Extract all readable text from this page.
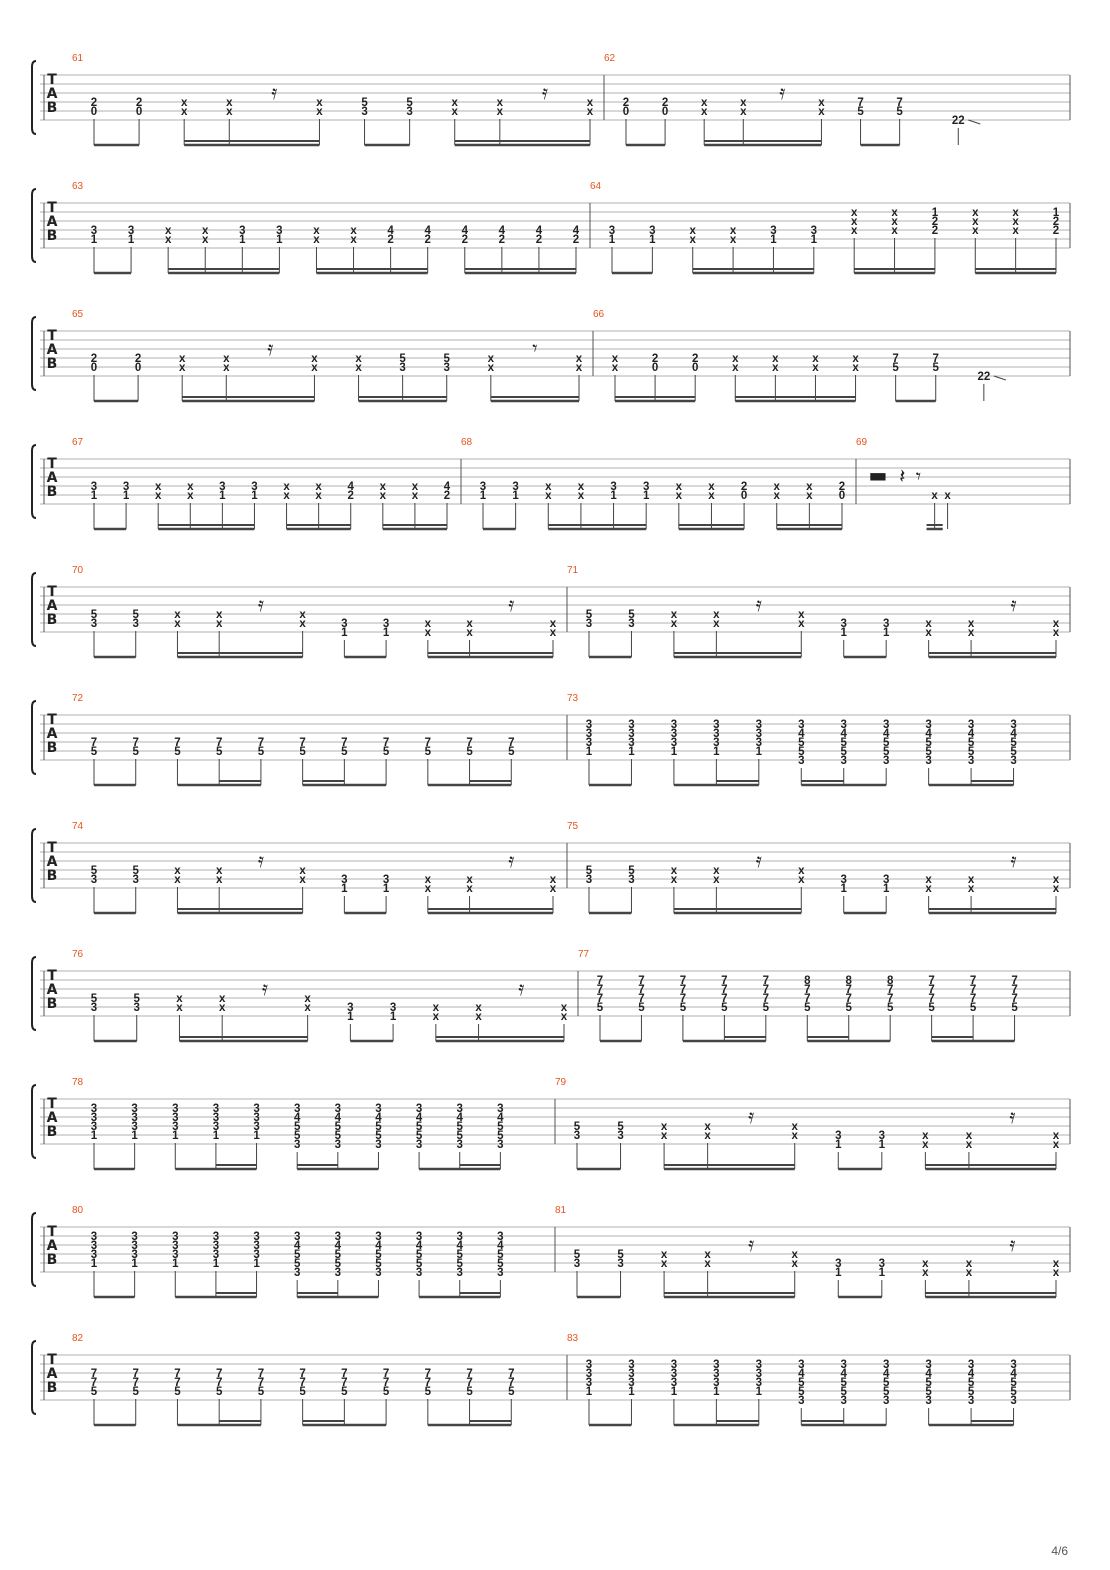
T
A
B
61
2
0
2
0
x
x
x
x
𝄿	x
x
5
3
5
3
x
x
x
x
𝄿	x
x
62
2
0
2
0
x
x
x
x
𝄿	x
x
7
5
7
5
22
T
A
B
63
3
1
3
1
x
x
x
x
3
1
3
1
x
x
x
x
4
2
4
2
4
2
4
2
4
2
4
2
64
3
1
3
1
x
x
x
x
3
1
3
1
x
x
x
x
x
x
1
2
2
x
x
x
x
x
x
1
2
2
T
A
B
65
2
0
2
0
x
x
x
x
𝄿	x
x
x
x
5
3
5
3
x
x
𝄾	x
x
66
x
x
2
0
2
0
x
x
x
x
x
x
x
x
7
5
7
5
22
T
A
B
67
3
1
3
1
x
x
x
x
3
1
3
1
x
x
x
x
4
2
x
x
x
x
4
2
68
3
1
3
1
x
x
x
x
3
1
3
1
x
x
x
x
2
0
x
x
x
x
2
0
69
▬ 𝄽 𝄾
x x
T
A
B
70
5
3
5
3
x
x
x
x
𝄿	x
x	3
1
3
1
x
x
x
x
𝄿
x
x
71
5
3
5
3
x
x
x
x
𝄿	x
x	3
1
3
1
x
x
x
x
𝄿
x
x
T
A
B
72
7
5
7
5
7
5
7
5
7
5
7
5
7
5
7
5
7
5
7
5
7
5
73
3
3
3
1
3
3
3
1
3
3
3
1
3
3
3
1
3
3
3
1
3
4
5
5
3
3
4
5
5
3
3
4
5
5
3
3
4
5
5
3
3
4
5
5
3
3
4
5
5
3
T
A
B
74
5
3
5
3
x
x
x
x
𝄿	x
x	3
1
3
1
x
x
x
x
𝄿
x
x
75
5
3
5
3
x
x
x
x
𝄿	x
x	3
1
3
1
x
x
x
x
𝄿
x
x
T
A
B
76
5
3
5
3
x
x
x
x
𝄿	x
x	3
1
3
1
x
x
x
x
𝄿
x
x
77
7
7
7
5
7
7
7
5
7
7
7
5
7
7
7
5
7
7
7
5
8
7
7
5
8
7
7
5
8
7
7
5
7
7
7
5
7
7
7
5
7
7
7
5
T
A
B
78
3
3
3
1
3
3
3
1
3
3
3
1
3
3
3
1
3
3
3
1
3
4
5
5
3
3
4
5
5
3
3
4
5
5
3
3
4
5
5
3
3
4
5
5
3
3
4
5
5
3
79
5
3
5
3
x
x
x
x
𝄿	x
x	3
1
3
1
x
x
x
x
𝄿
x
x
T
A
B
80
3
3
3
1
3
3
3
1
3
3
3
1
3
3
3
1
3
3
3
1
3
4
5
5
3
3
4
5
5
3
3
4
5
5
3
3
4
5
5
3
3
4
5
5
3
3
4
5
5
3
81
5
3
5
3
x
x
x
x
𝄿	x
x	3
1
3
1
x
x
x
x
𝄿
x
x
T
A
B
82
7
7
5
7
7
5
7
7
5
7
7
5
7
7
5
7
7
5
7
7
5
7
7
5
7
7
5
7
7
5
7
7
5
83
3
3
3
1
3
3
3
1
3
3
3
1
3
3
3
1
3
3
3
1
3
4
5
5
3
3
4
5
5
3
3
4
5
5
3
3
4
5
5
3
3
4
5
5
3
3
4
5
5
3
4/6
